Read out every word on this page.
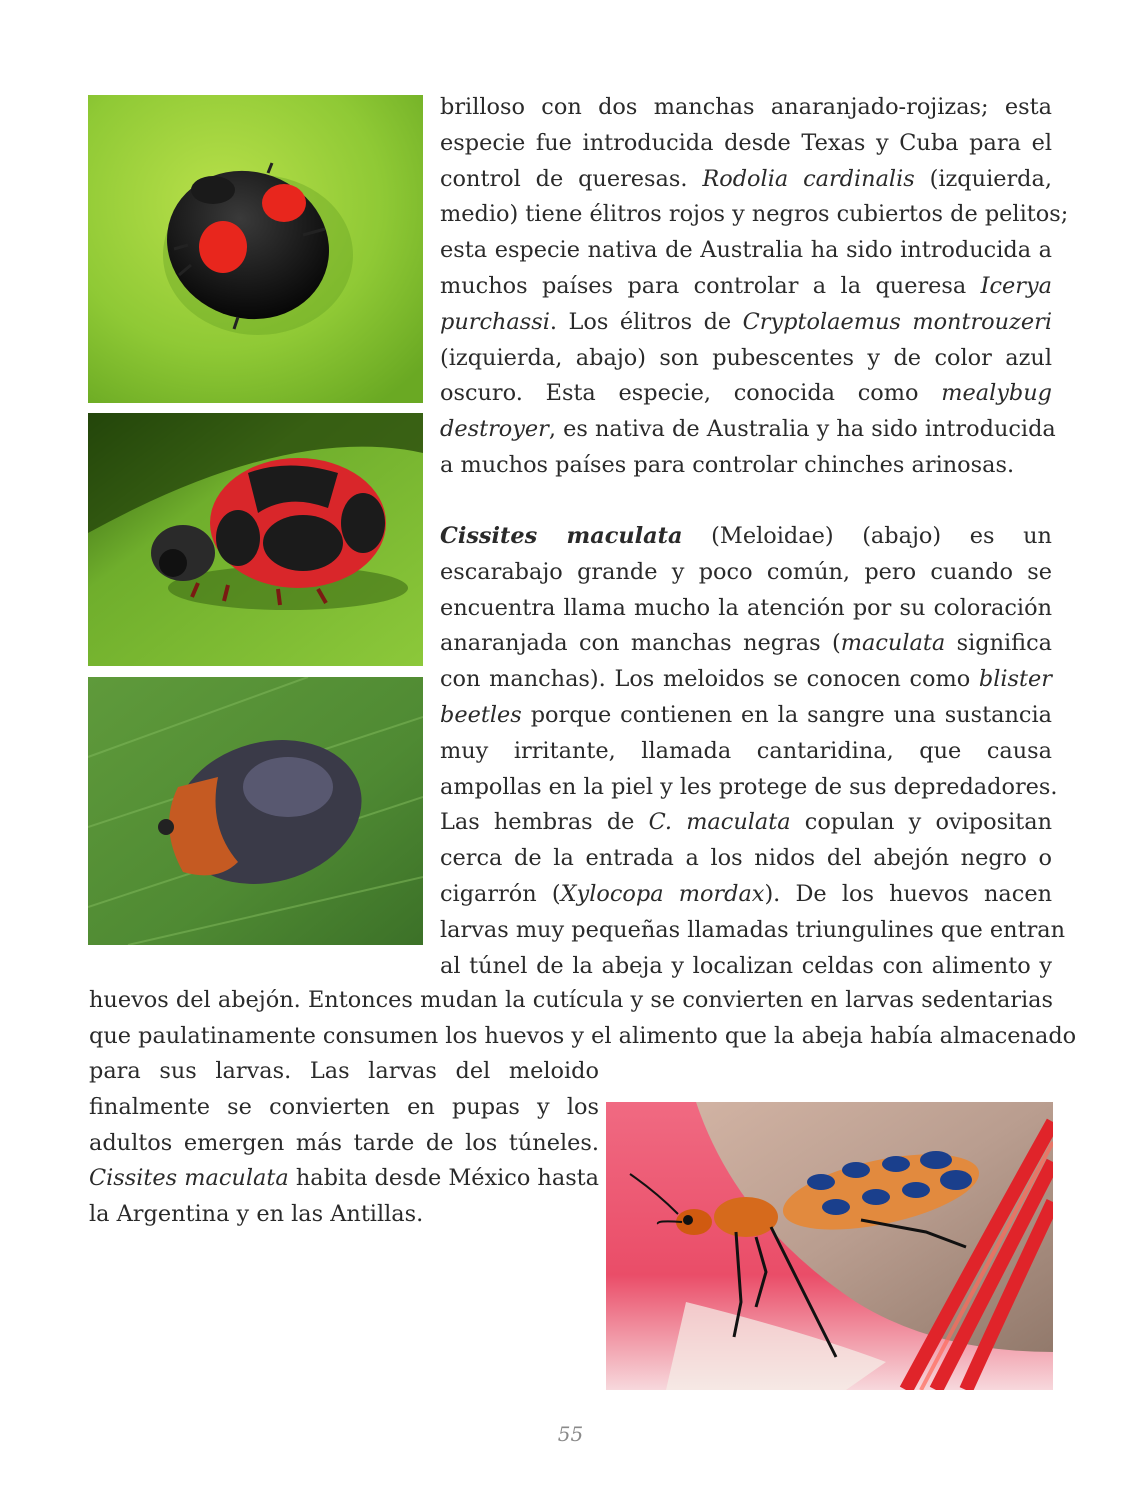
brilloso con dos manchas anaranjado-rojizas; esta
especie fue introducida desde Texas y Cuba para el
control de queresas. Rodolia cardinalis (izquierda,
medio) tiene élitros rojos y negros cubiertos de pelitos;
esta especie nativa de Australia ha sido introducida a
muchos países para controlar a la queresa Icerya
purchassi. Los élitros de Cryptolaemus montrouzeri
(izquierda, abajo) son pubescentes y de color azul
oscuro. Esta especie, conocida como mealybug
destroyer, es nativa de Australia y ha sido introducida
a muchos países para controlar chinches arinosas.
Cissites maculata (Meloidae) (abajo) es un
escarabajo grande y poco común, pero cuando se
encuentra llama mucho la atención por su coloración
anaranjada con manchas negras (maculata significa
con manchas). Los meloidos se conocen como blister
beetles porque contienen en la sangre una sustancia
muy irritante, llamada cantaridina, que causa
ampollas en la piel y les protege de sus depredadores.
Las hembras de C. maculata copulan y ovipositan
cerca de la entrada a los nidos del abejón negro o
cigarrón (Xylocopa mordax). De los huevos nacen
larvas muy pequeñas llamadas triungulines que entran
al túnel de la abeja y localizan celdas con alimento y
huevos del abejón. Entonces mudan la cutícula y se convierten en larvas sedentarias
que paulatinamente consumen los huevos y el alimento que la abeja había almacenado
para sus larvas. Las larvas del meloido
finalmente se convierten en pupas y los
adultos emergen más tarde de los túneles.
Cissites maculata habita desde México hasta
la Argentina y en las Antillas.
55
